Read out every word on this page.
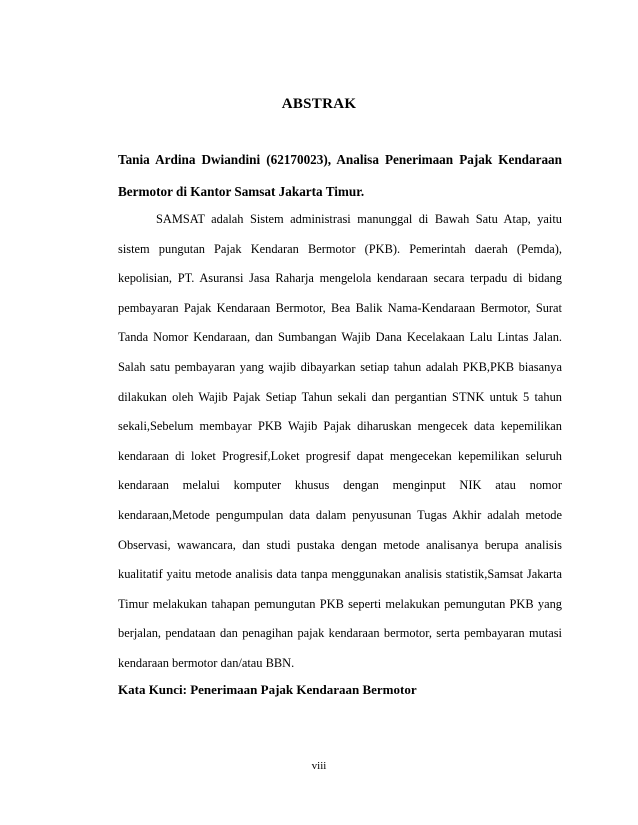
ABSTRAK
Tania Ardina Dwiandini (62170023), Analisa Penerimaan Pajak Kendaraan
Bermotor di Kantor Samsat Jakarta Timur.
SAMSAT adalah Sistem administrasi manunggal di Bawah Satu Atap, yaitu
sistem pungutan Pajak Kendaran Bermotor (PKB). Pemerintah daerah (Pemda),
kepolisian, PT. Asuransi Jasa Raharja mengelola kendaraan secara terpadu di bidang
pembayaran Pajak Kendaraan Bermotor, Bea Balik Nama-Kendaraan Bermotor, Surat
Tanda Nomor Kendaraan, dan Sumbangan Wajib Dana Kecelakaan Lalu Lintas Jalan.
Salah satu pembayaran yang wajib dibayarkan setiap tahun adalah PKB,PKB biasanya
dilakukan oleh Wajib Pajak Setiap Tahun sekali dan pergantian STNK untuk 5 tahun
sekali,Sebelum membayar PKB Wajib Pajak diharuskan mengecek data kepemilikan
kendaraan di loket Progresif,Loket progresif dapat mengecekan kepemilikan seluruh
kendaraan melalui komputer khusus dengan menginput NIK atau nomor
kendaraan,Metode pengumpulan data dalam penyusunan Tugas Akhir adalah metode
Observasi, wawancara, dan studi pustaka dengan metode analisanya berupa analisis
kualitatif yaitu metode analisis data tanpa menggunakan analisis statistik,Samsat Jakarta
Timur melakukan tahapan pemungutan PKB seperti melakukan pemungutan PKB yang
berjalan, pendataan dan penagihan pajak kendaraan bermotor, serta pembayaran mutasi
kendaraan bermotor dan/atau BBN.
Kata Kunci: Penerimaan Pajak Kendaraan Bermotor
viii
